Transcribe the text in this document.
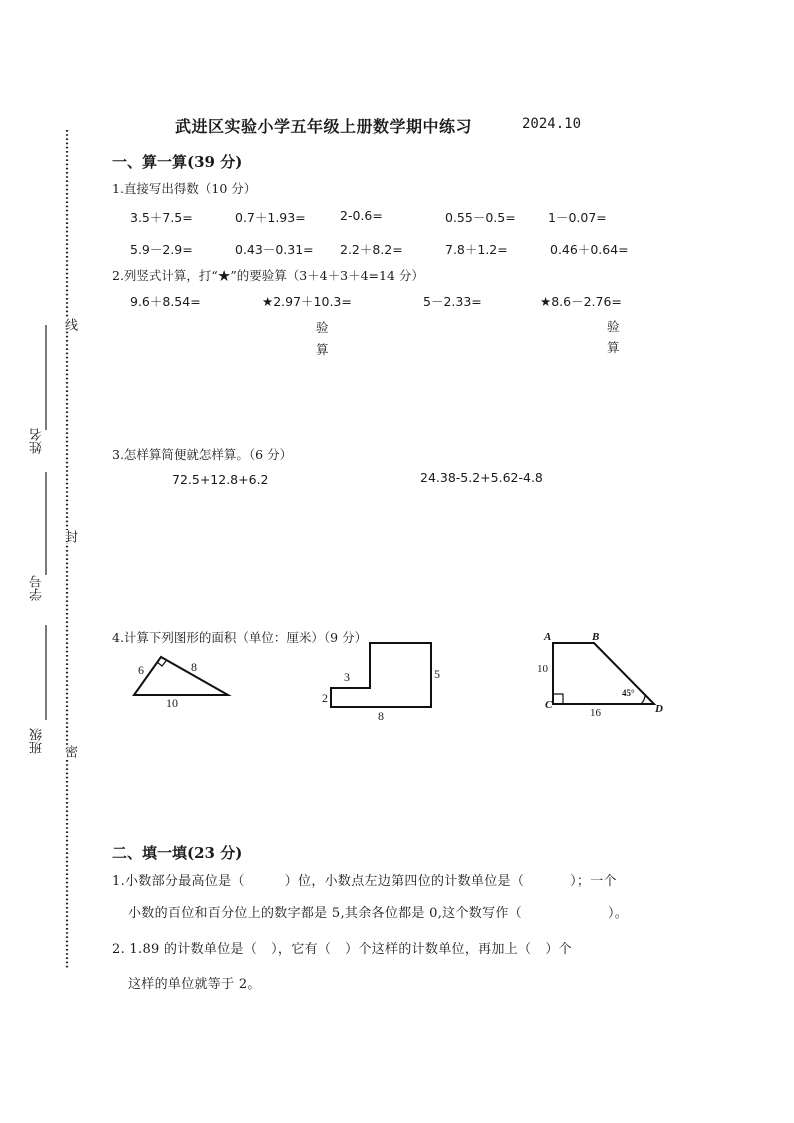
线
封
密
姓名
学号
班级
武进区实验小学五年级上册数学期中练习	2024.10
一、算一算(39 分)
1.直接写出得数（10 分）
3.5＋7.5=	0.7＋1.93=	2-0.6=	0.55－0.5=	1－0.07=
5.9－2.9=	0.43－0.31= 2.2＋8.2=	7.8＋1.2=	0.46＋0.64=
2.列竖式计算，打“★”的要验算（3＋4＋3＋4=14 分）
9.6＋8.54=	★2.97＋10.3=	5－2.33=	★8.6－2.76=
验
算
验
算
3.怎样算简便就怎样算。（6 分）
72.5+12.8+6.2	24.38-5.2+5.62-4.8
4.计算下列图形的面积（单位：厘米）（9 分）
6	8
10
3	5
2
8
A	B
C	D
10
16
45°
二、填一填(23 分)
1.小数部分最高位是（	）位，小数点左边第四位的计数单位是（	）；一个
小数的百位和百分位上的数字都是 5,其余各位都是 0,这个数写作（	）。
2. 1.89 的计数单位是（ ），它有（ ）个这样的计数单位，再加上（ ）个
这样的单位就等于 2。
